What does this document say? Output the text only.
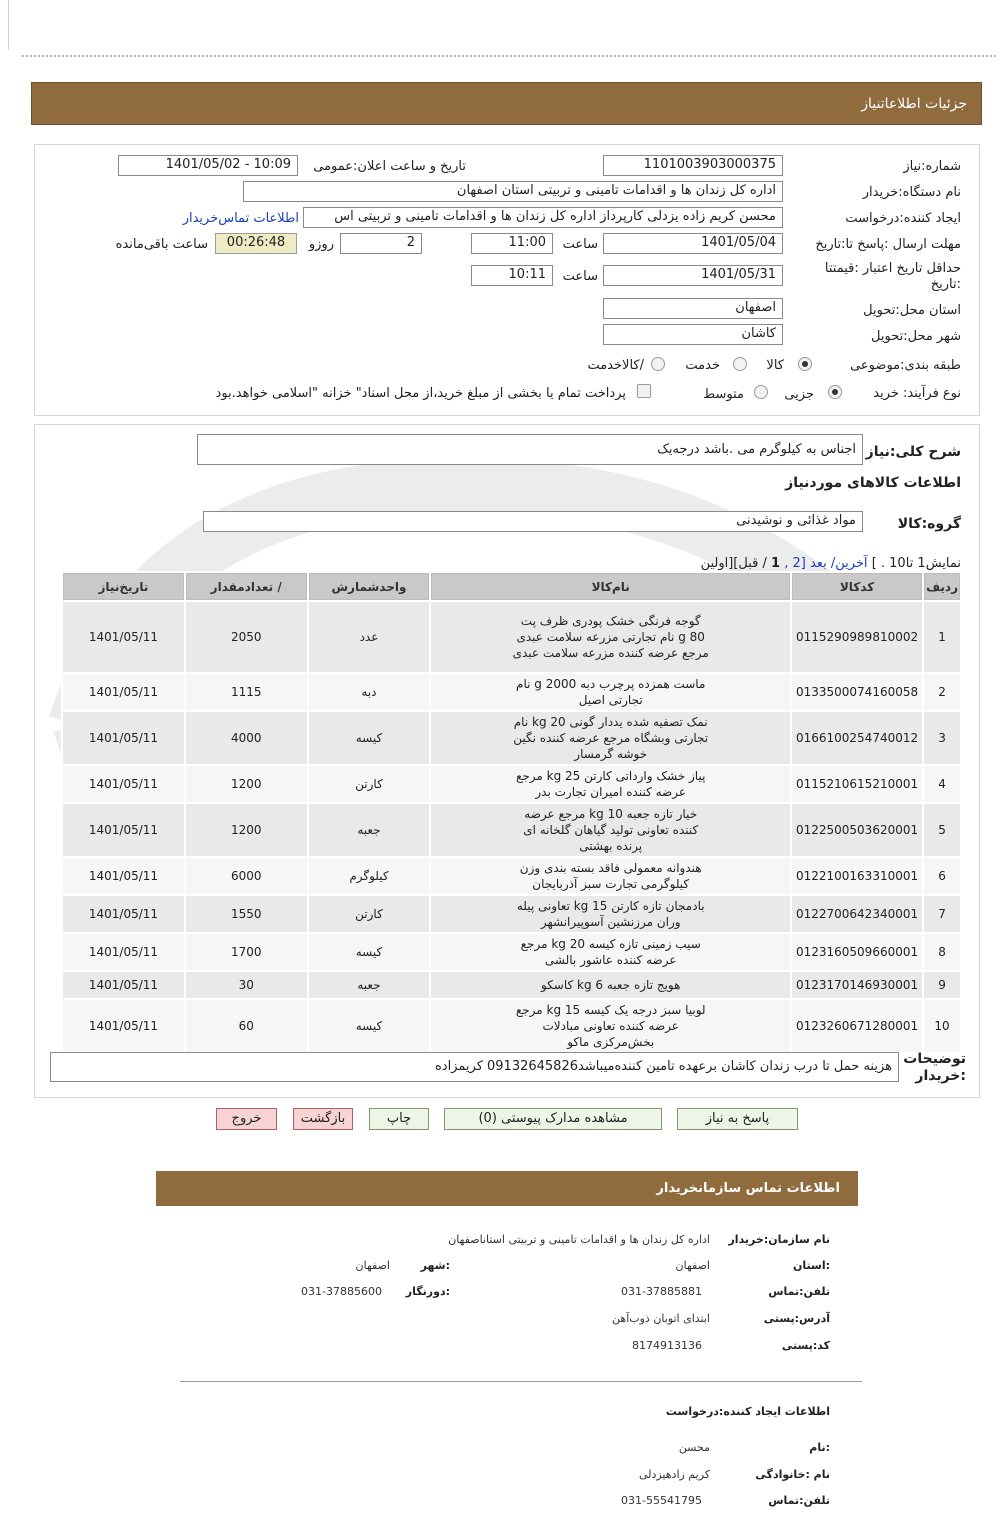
جزئیات اطلاعاتنیاز
شماره:نیاز
1101003903000375
تاریخ و ساعت اعلان:عمومی
1401/05/02 - 10:09
نام دستگاه:خریدار
اداره کل زندان ها و اقدامات تامینی و تربیتی استان اصفهان
ایجاد کننده:درخواست
محسن کریم زاده یزدلی کارپرداز اداره کل زندان ها و اقدامات تامینی و تربیتی اس
اطلاعات تماس‌خریدار
مهلت ارسال :پاسخ تا:تاریخ
1401/05/04
ساعت
11:00
2
روزو
00:26:48
ساعت باقی‌مانده
حداقل تاریخ اعتبار :قیمتتا
:تاریخ
1401/05/31
ساعت
10:11
استان محل:تحویل
اصفهان
شهر محل:تحویل
کاشان
طبقه بندی:موضوعی
کالا
خدمت
/کالاخدمت
نوع فرآیند: خرید
جزیی
متوسط
پرداخت تمام یا بخشی از مبلغ خرید،از محل اسناد" خزانه "اسلامی خواهد.بود
شرح کلی:نیاز
اجناس به کیلوگرم می .باشد درجه‌یک
اطلاعات کالاهای موردنیاز
گروه:کالا
مواد غذائی و نوشیدنی
نمایش1 تا10 . ] آخرین/ بعد [2 , 1 / قبل][اولین
ردیف	کدکالا	نام‌کالا	واحدشمارش	/ تعدادمقدار	تاریخ‌نیاز
1	0115290989810002	گوجه فرنگی خشک پودری ظرف پت 80 g نام تجارتی مزرعه سلامت عبدی مرجع عرضه کننده مزرعه سلامت عبدی	عدد	2050	1401/05/11
2	0133500074160058	ماست همزده پرچرب دبه 2000 g نام تجارتی اصیل	دبه	1115	1401/05/11
3	0166100254740012	نمک تصفیه شده یددار گونی 20 kg نام تجارتی وبشگاه مرجع عرضه کننده نگین خوشه گرمسار	کیسه	4000	1401/05/11
4	0115210615210001	پیاز خشک وارداتی کارتن 25 kg مرجع عرضه کننده امیران تجارت بدر	کارتن	1200	1401/05/11
5	0122500503620001	خیار تازه جعبه 10 kg مرجع عرضه کننده تعاونی تولید گیاهان گلخانه ای پرنده بهشتی	جعبه	1200	1401/05/11
6	0122100163310001	هندوانه معمولی فاقد بسته بندی وزن کیلوگرمی تجارت سبز آذربایجان	کیلوگرم	6000	1401/05/11
7	0122700642340001	بادمجان تازه کارتن 15 kg تعاونی پیله وران مرزنشین آسوپیرانشهر	کارتن	1550	1401/05/11
8	0123160509660001	سیب زمینی تازه کیسه 20 kg مرجع عرضه کننده عاشور بالشی	کیسه	1700	1401/05/11
9	0123170146930001	هویج تازه جعبه 6 kg کاسکو	جعبه	30	1401/05/11
10	0123260671280001	لوبیا سبز درجه یک کیسه 15 kg مرجع عرضه کننده تعاونی مبادلات بخش‌مرکزی ماکو	کیسه	60	1401/05/11
توضیحات
:خریدار
هزینه حمل تا درب زندان کاشان برعهده تامین کننده‌میباشد09132645826 کریمزاده
پاسخ به نیاز
مشاهده مدارک پیوستی (0)
چاپ
بازگشت
خروج
اطلاعات تماس سازمانخریدار
نام سازمان:خریدار
اداره کل زندان ها و اقدامات تامینی و تربیتی استاناصفهان
:استان
اصفهان
:شهر
اصفهان
تلفن:تماس
031-37885881
:دورنگار
031-37885600
آدرس:پستی
ابتدای اتوبان ذوب‌آهن
کد:پستی
8174913136
اطلاعات ایجاد کننده:درخواست
:نام
محسن
نام :خانوادگی
کریم زادهیزدلی
تلفن:تماس
031-55541795
